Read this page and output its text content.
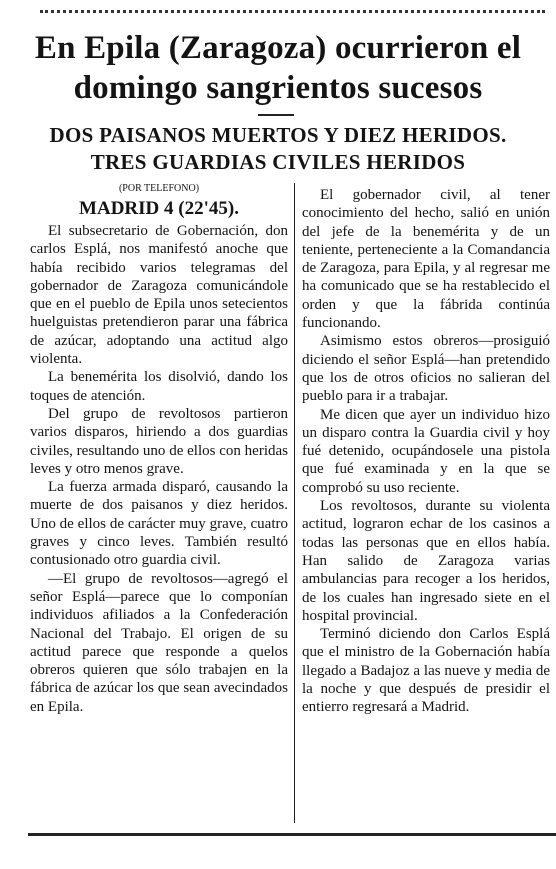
En Epila (Zaragoza) ocurrieron el
domingo sangrientos sucesos
DOS PAISANOS MUERTOS Y DIEZ HERIDOS.
TRES GUARDIAS CIVILES HERIDOS

(POR TELEFONO)

MADRID 4 (22'45).

El subsecretario de Gobernación, don carlos Esplá, nos manifestó anoche que había recibido varios telegramas del gobernador de Zaragoza comunicándole que en el pueblo de Epila unos setecientos huelguistas pretendieron parar una fábrica de azúcar, adoptando una actitud algo violenta.

La benemérita los disolvió, dando los toques de atención.

Del grupo de revoltosos partieron varios disparos, hiriendo a dos guardias civiles, resultando uno de ellos con heridas leves y otro menos grave.

La fuerza armada disparó, causando la muerte de dos paisanos y diez heridos. Uno de ellos de carácter muy grave, cuatro graves y cinco leves. También resultó contusionado otro guardia civil.

—El grupo de revoltosos—agregó el señor Esplá—parece que lo componían individuos afiliados a la Confederación Nacional del Trabajo. El origen de su actitud parece que responde a quelos obreros quieren que sólo trabajen en la fábrica de azúcar los que sean avecindados en Epila.

El gobernador civil, al tener conocimiento del hecho, salió en unión del jefe de la benemérita y de un teniente, perteneciente a la Comandancia de Zaragoza, para Epila, y al regresar me ha comunicado que se ha restablecido el orden y que la fábrida continúa funcionando.

Asimismo estos obreros—prosiguió diciendo el señor Esplá—han pretendido que los de otros oficios no salieran del pueblo para ir a trabajar.

Me dicen que ayer un individuo hizo un disparo contra la Guardia civil y hoy fué detenido, ocupándosele una pistola que fué examinada y en la que se comprobó su uso reciente.

Los revoltosos, durante su violenta actitud, lograron echar de los casinos a todas las personas que en ellos había. Han salido de Zaragoza varias ambulancias para recoger a los heridos, de los cuales han ingresado siete en el hospital provincial.

Terminó diciendo don Carlos Esplá que el ministro de la Gobernación había llegado a Badajoz a las nueve y media de la noche y que después de presidir el entierro regresará a Madrid.
